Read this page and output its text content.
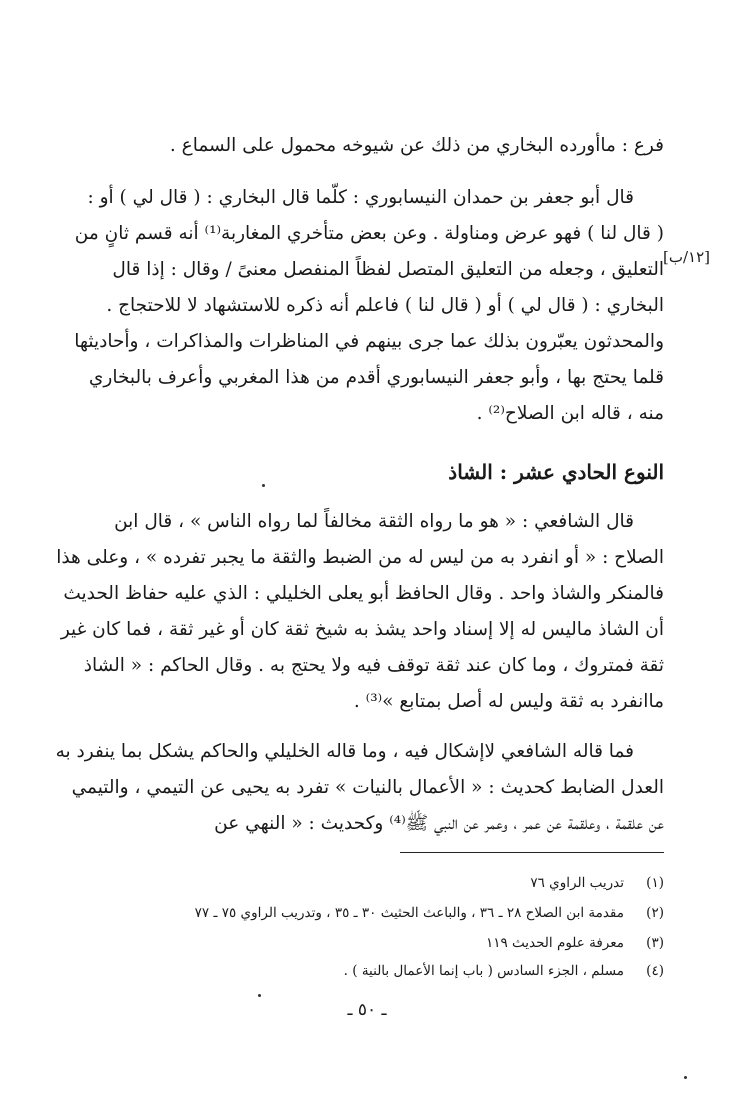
فرع : ماأورده البخاري من ذلك عن شيوخه محمول على السماع .
قال أبو جعفر بن حمدان النيسابوري : كلّما قال البخاري : ( قال لي ) أو :
( قال لنا ) فهو عرض ومناولة . وعن بعض متأخري المغاربة⁽¹⁾ أنه قسم ثانٍ من
التعليق ، وجعله من التعليق المتصل لفظاً المنفصل معنىً / وقال : إذا قال
البخاري : ( قال لي ) أو ( قال لنا ) فاعلم أنه ذكره للاستشهاد لا للاحتجاج .
والمحدثون يعبّرون بذلك عما جرى بينهم في المناظرات والمذاكرات ، وأحاديثها
قلما يحتج بها ، وأبو جعفر النيسابوري أقدم من هذا المغربي وأعرف بالبخاري
منه ، قاله ابن الصلاح⁽²⁾ .
[١٢/ب]
النوع الحادي عشر : الشاذ
قال الشافعي : « هو ما رواه الثقة مخالفاً لما رواه الناس » ، قال ابن
الصلاح : « أو انفرد به من ليس له من الضبط والثقة ما يجبر تفرده » ، وعلى هذا
فالمنكر والشاذ واحد . وقال الحافظ أبو يعلى الخليلي : الذي عليه حفاظ الحديث
أن الشاذ ماليس له إلا إسناد واحد يشذ به شيخ ثقة كان أو غير ثقة ، فما كان غير
ثقة فمتروك ، وما كان عند ثقة توقف فيه ولا يحتج به . وقال الحاكم : « الشاذ
ماانفرد به ثقة وليس له أصل بمتابع »⁽³⁾ .
فما قاله الشافعي لاإشكال فيه ، وما قاله الخليلي والحاكم يشكل بما ينفرد به
العدل الضابط كحديث : « الأعمال بالنيات » تفرد به يحيى عن التيمي ، والتيمي
عن علقمة ، وعلقمة عن عمر ، وعمر عن النبي ﷺ⁽⁴⁾ وكحديث : « النهي عن
(١)تدريب الراوي ٧٦
(٢)مقدمة ابن الصلاح ٢٨ ـ ٣٦ ، والباعث الحثيث ٣٠ ـ ٣٥ ، وتدريب الراوي ٧٥ ـ ٧٧
(٣)معرفة علوم الحديث ١١٩
(٤)مسلم ، الجزء السادس ( باب إنما الأعمال بالنية ) .
ـ ٥٠ ـ
